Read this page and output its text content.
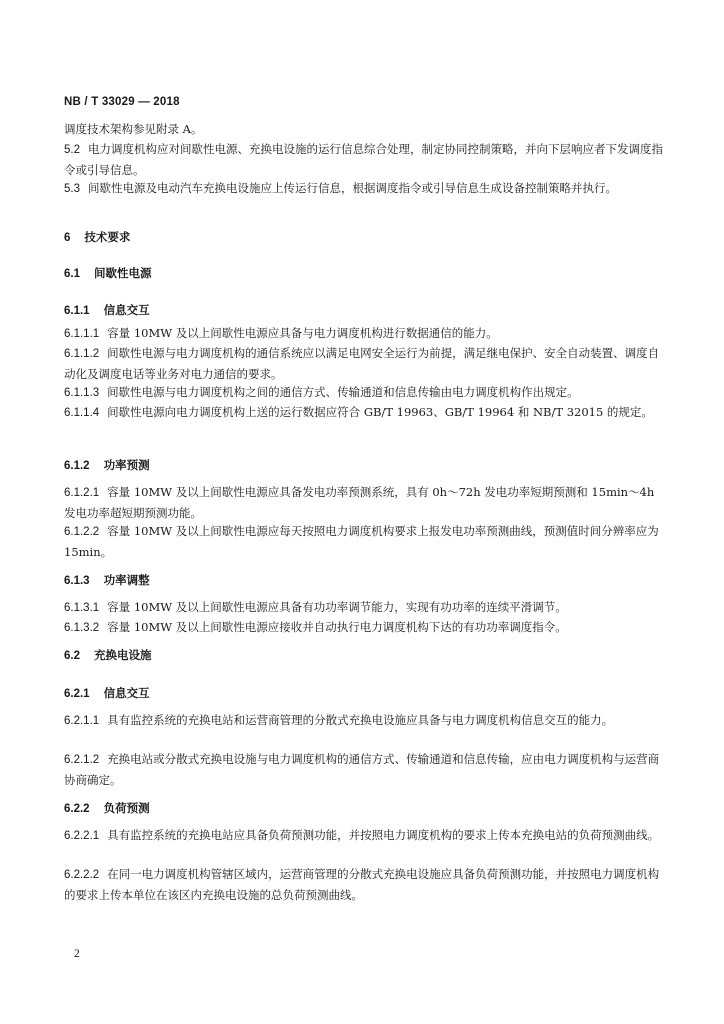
NB / T 33029 — 2018
调度技术架构参见附录 A。
5.2 电力调度机构应对间歇性电源、充换电设施的运行信息综合处理，制定协同控制策略，并向下层响应者下发调度指令或引导信息。
5.3 间歇性电源及电动汽车充换电设施应上传运行信息，根据调度指令或引导信息生成设备控制策略并执行。
6 技术要求
6.1 间歇性电源
6.1.1 信息交互
6.1.1.1 容量 10MW 及以上间歇性电源应具备与电力调度机构进行数据通信的能力。
6.1.1.2 间歇性电源与电力调度机构的通信系统应以满足电网安全运行为前提，满足继电保护、安全自动装置、调度自动化及调度电话等业务对电力通信的要求。
6.1.1.3 间歇性电源与电力调度机构之间的通信方式、传输通道和信息传输由电力调度机构作出规定。
6.1.1.4 间歇性电源向电力调度机构上送的运行数据应符合 GB/T 19963、GB/T 19964 和 NB/T 32015 的规定。
6.1.2 功率预测
6.1.2.1 容量 10MW 及以上间歇性电源应具备发电功率预测系统，具有 0h～72h 发电功率短期预测和 15min～4h 发电功率超短期预测功能。
6.1.2.2 容量 10MW 及以上间歇性电源应每天按照电力调度机构要求上报发电功率预测曲线，预测值时间分辨率应为 15min。
6.1.3 功率调整
6.1.3.1 容量 10MW 及以上间歇性电源应具备有功功率调节能力，实现有功功率的连续平滑调节。
6.1.3.2 容量 10MW 及以上间歇性电源应接收并自动执行电力调度机构下达的有功功率调度指令。
6.2 充换电设施
6.2.1 信息交互
6.2.1.1 具有监控系统的充换电站和运营商管理的分散式充换电设施应具备与电力调度机构信息交互的能力。
6.2.1.2 充换电站或分散式充换电设施与电力调度机构的通信方式、传输通道和信息传输，应由电力调度机构与运营商协商确定。
6.2.2 负荷预测
6.2.2.1 具有监控系统的充换电站应具备负荷预测功能，并按照电力调度机构的要求上传本充换电站的负荷预测曲线。
6.2.2.2 在同一电力调度机构管辖区域内，运营商管理的分散式充换电设施应具备负荷预测功能，并按照电力调度机构的要求上传本单位在该区内充换电设施的总负荷预测曲线。
2
